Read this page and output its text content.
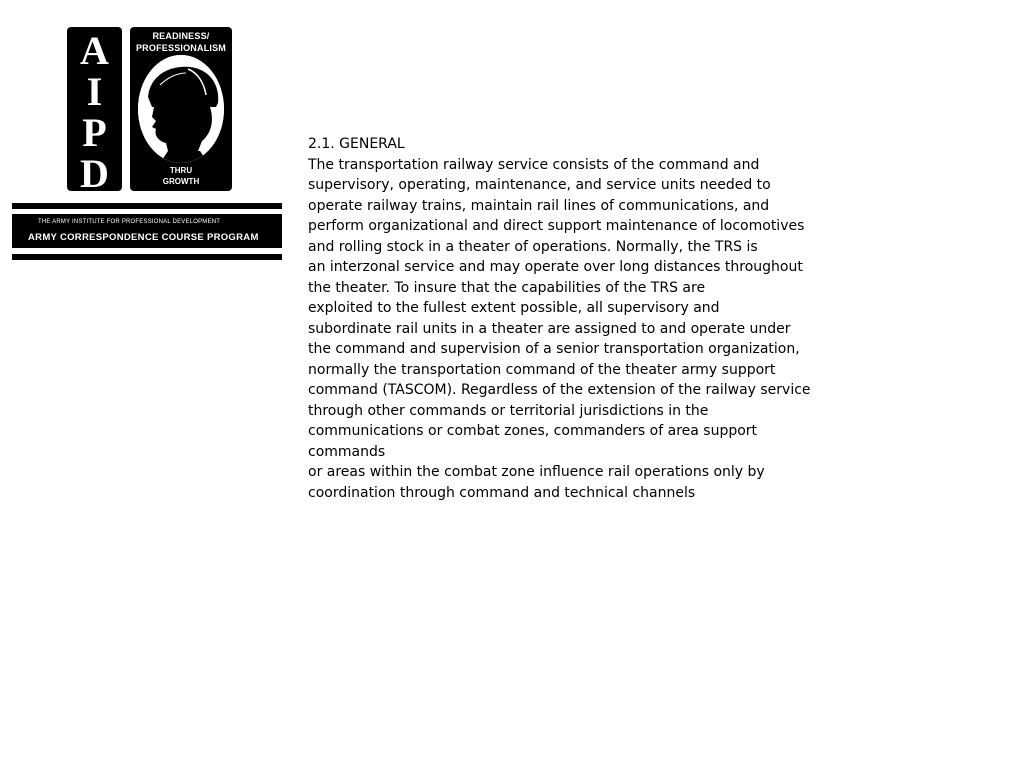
A
I
P
D
READINESS/
PROFESSIONALISM
THRU
GROWTH
THE ARMY INSTITUTE FOR PROFESSIONAL DEVELOPMENT
ARMY CORRESPONDENCE COURSE PROGRAM
2.1. GENERAL
The transportation railway service consists of the command and
supervisory, operating, maintenance, and service units needed to
operate railway trains, maintain rail lines of communications, and
perform organizational and direct support maintenance of locomotives
and rolling stock in a theater of operations. Normally, the TRS is
an interzonal service and may operate over long distances throughout
the theater. To insure that the capabilities of the TRS are
exploited to the fullest extent possible, all supervisory and
subordinate rail units in a theater are assigned to and operate under
the command and supervision of a senior transportation organization,
normally the transportation command of the theater army support
command (TASCOM). Regardless of the extension of the railway service
through other commands or territorial jurisdictions in the
communications or combat zones, commanders of area support
commands
or areas within the combat zone influence rail operations only by
coordination through command and technical channels
